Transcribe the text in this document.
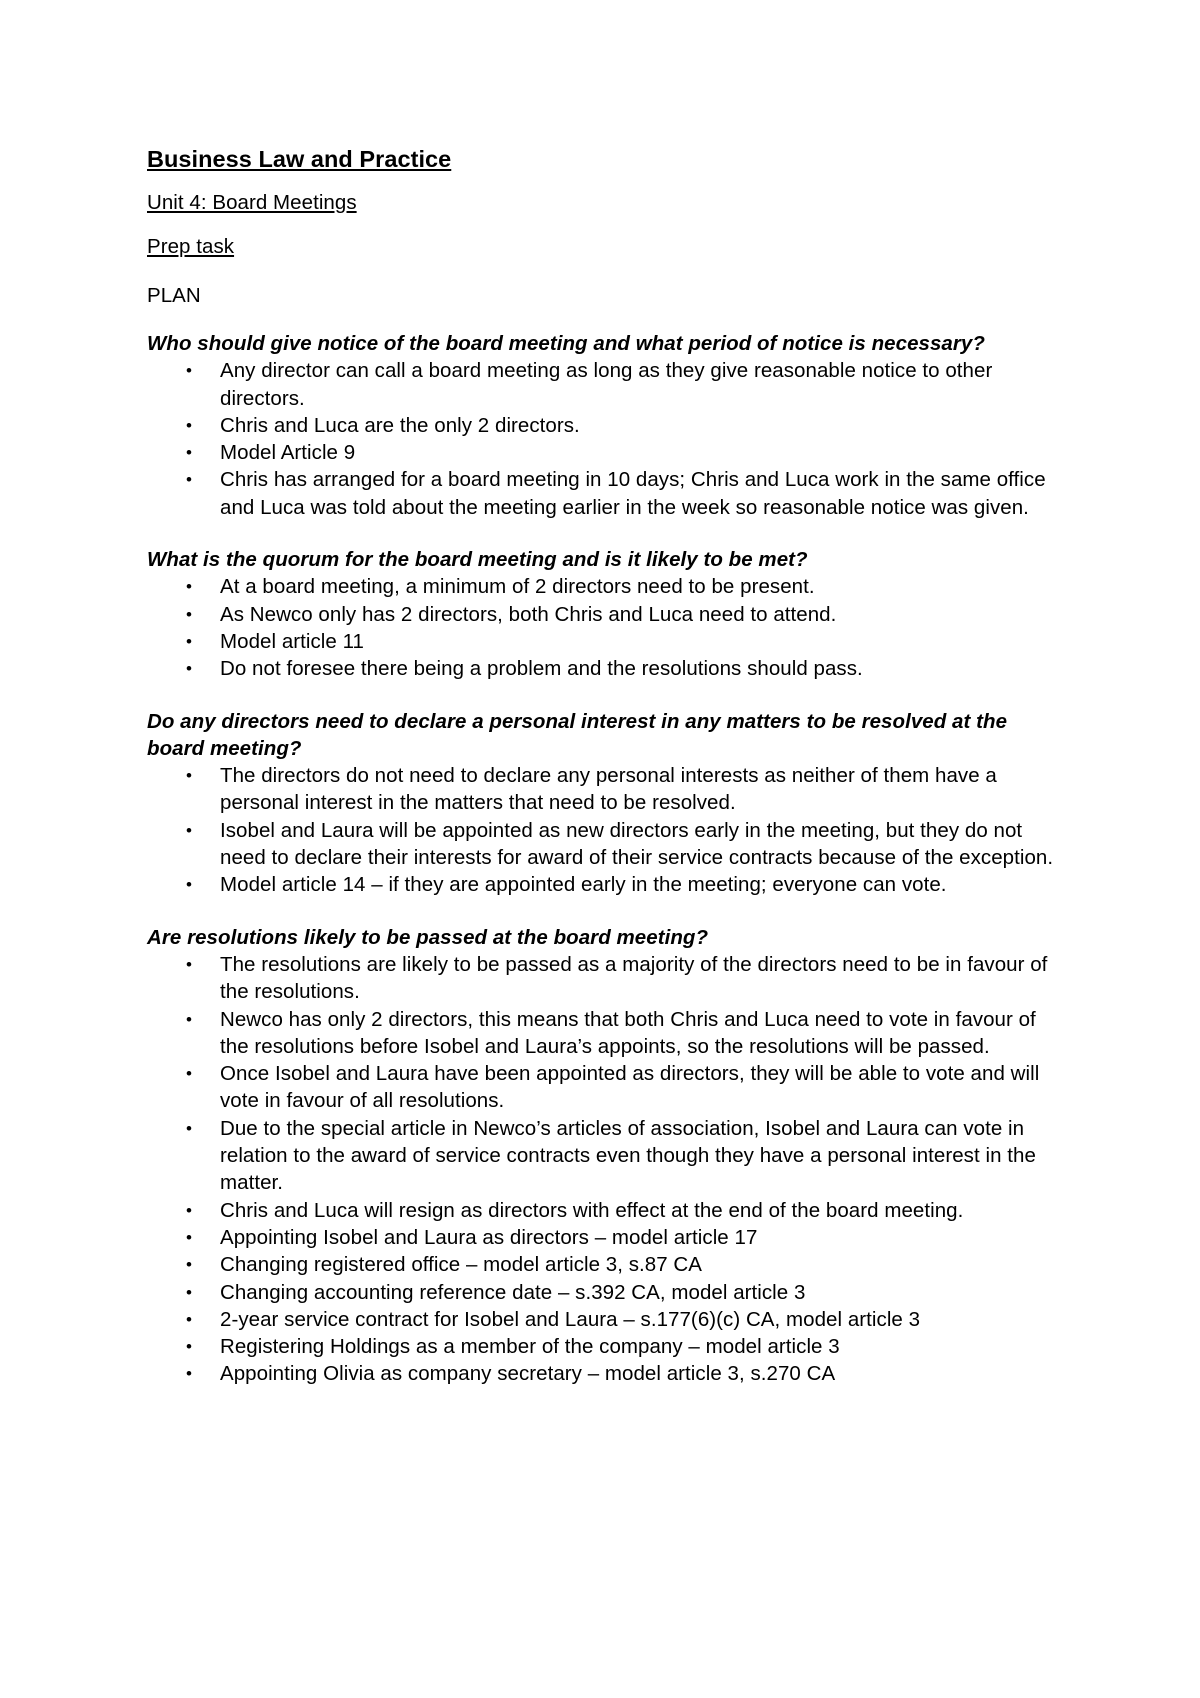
Business Law and Practice
Unit 4: Board Meetings
Prep task
PLAN

Who should give notice of the board meeting and what period of notice is necessary?

• Any director can call a board meeting as long as they give reasonable notice to other directors.
• Chris and Luca are the only 2 directors.
• Model Article 9
• Chris has arranged for a board meeting in 10 days; Chris and Luca work in the same office and Luca was told about the meeting earlier in the week so reasonable notice was given.

What is the quorum for the board meeting and is it likely to be met?

• At a board meeting, a minimum of 2 directors need to be present.
• As Newco only has 2 directors, both Chris and Luca need to attend.
• Model article 11
• Do not foresee there being a problem and the resolutions should pass.

Do any directors need to declare a personal interest in any matters to be resolved at the board meeting?

• The directors do not need to declare any personal interests as neither of them have a personal interest in the matters that need to be resolved.
• Isobel and Laura will be appointed as new directors early in the meeting, but they do not need to declare their interests for award of their service contracts because of the exception.
• Model article 14 – if they are appointed early in the meeting; everyone can vote.

Are resolutions likely to be passed at the board meeting?

• The resolutions are likely to be passed as a majority of the directors need to be in favour of the resolutions.
• Newco has only 2 directors, this means that both Chris and Luca need to vote in favour of the resolutions before Isobel and Laura’s appoints, so the resolutions will be passed.
• Once Isobel and Laura have been appointed as directors, they will be able to vote and will vote in favour of all resolutions.
• Due to the special article in Newco’s articles of association, Isobel and Laura can vote in relation to the award of service contracts even though they have a personal interest in the matter.
• Chris and Luca will resign as directors with effect at the end of the board meeting.
• Appointing Isobel and Laura as directors – model article 17
• Changing registered office – model article 3, s.87 CA
• Changing accounting reference date – s.392 CA, model article 3
• 2-year service contract for Isobel and Laura – s.177(6)(c) CA, model article 3
• Registering Holdings as a member of the company – model article 3
• Appointing Olivia as company secretary – model article 3, s.270 CA
